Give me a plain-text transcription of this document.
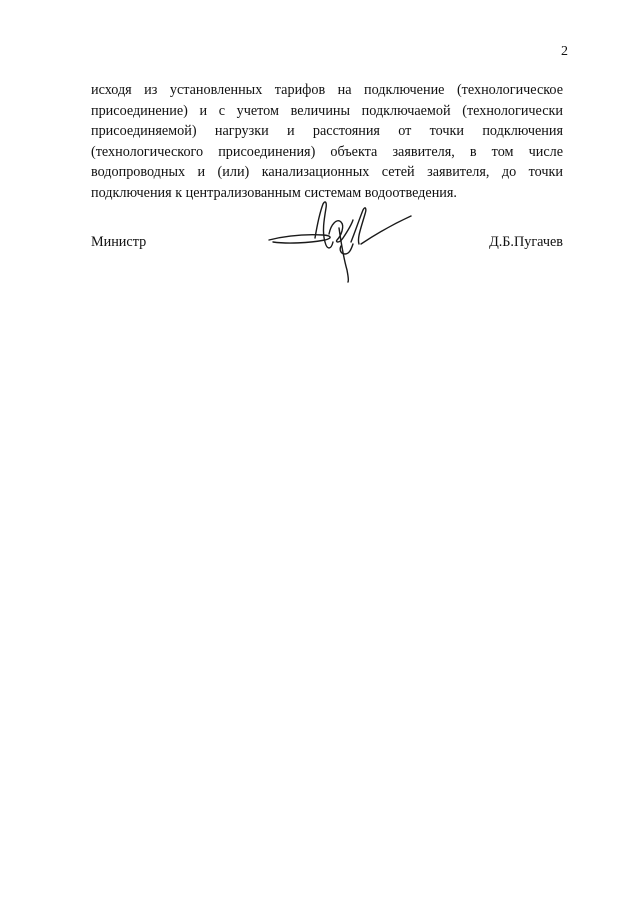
2

исходя из установленных тарифов на подключение (технологическое
присоединение) и с учетом величины подключаемой (технологически
присоединяемой) нагрузки и расстояния от точки подключения
(технологического присоединения) объекта заявителя, в том числе
водопроводных и (или) канализационных сетей заявителя, до точки
подключения к централизованным системам водоотведения.

Министр	Д.Б.Пугачев
